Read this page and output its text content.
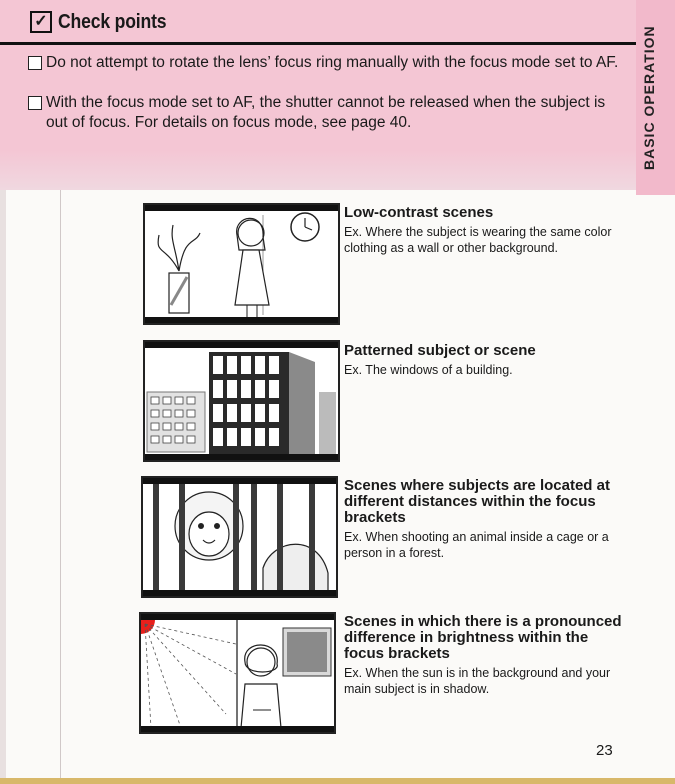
BASIC OPERATION
✓ Check points
Do not attempt to rotate the lens’ focus ring manually with the focus mode set to AF.
With the focus mode set to AF, the shutter cannot be released when the subject is out of focus. For details on focus mode, see page 40.
Low-contrast scenes
Ex. Where the subject is wearing the same color clothing as a wall or other background.
Patterned subject or scene
Ex. The windows of a building.
Scenes where subjects are located at different distances within the focus brackets
Ex. When shooting an animal inside a cage or a person in a forest.
Scenes in which there is a pronounced difference in brightness within the focus brackets
Ex. When the sun is in the background and your main subject is in shadow.
23
